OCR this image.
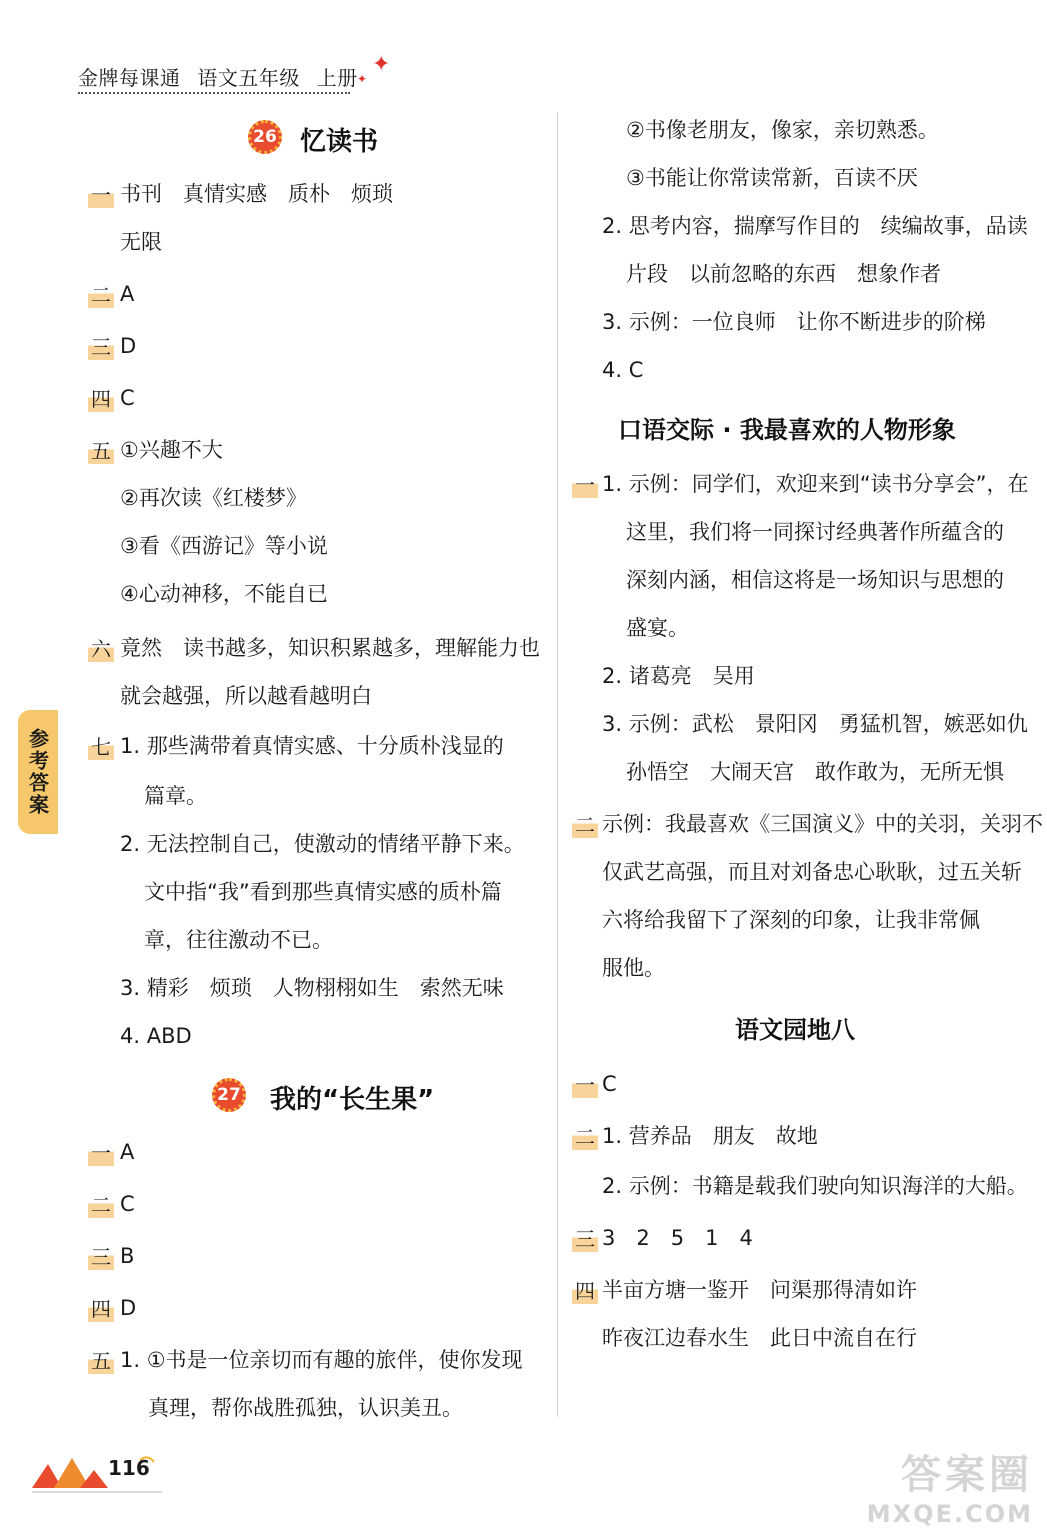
金牌每课通 语文五年级 上册
✦
✦
26 忆读书
一 书刊　真情实感　质朴　烦琐
无限
二 A
三 D
四 C
五 ①兴趣不大
②再次读《红楼梦》
③看《西游记》等小说
④心动神移，不能自已
六 竟然　读书越多，知识积累越多，理解能力也
就会越强，所以越看越明白
七 1. 那些满带着真情实感、十分质朴浅显的
篇章。
2. 无法控制自己，使激动的情绪平静下来。
文中指“我”看到那些真情实感的质朴篇
章，往往激动不已。
3. 精彩　烦琐　人物栩栩如生　索然无味
4. ABD
27 我的“长生果”
一 A
二 C
三 B
四 D
五 1. ①书是一位亲切而有趣的旅伴，使你发现
真理，帮你战胜孤独，认识美丑。
②书像老朋友，像家，亲切熟悉。
③书能让你常读常新，百读不厌
2. 思考内容，揣摩写作目的　续编故事，品读
片段　以前忽略的东西　想象作者
3. 示例：一位良师　让你不断进步的阶梯
4. C
口语交际 · 我最喜欢的人物形象
一 1. 示例：同学们，欢迎来到“读书分享会”，在
这里，我们将一同探讨经典著作所蕴含的
深刻内涵，相信这将是一场知识与思想的
盛宴。
2. 诸葛亮　吴用
3. 示例：武松　景阳冈　勇猛机智，嫉恶如仇
孙悟空　大闹天宫　敢作敢为，无所无惧
二 示例：我最喜欢《三国演义》中的关羽，关羽不
仅武艺高强，而且对刘备忠心耿耿，过五关斩
六将给我留下了深刻的印象，让我非常佩
服他。
语文园地八
一 C
二 1. 营养品　朋友　故地
2. 示例：书籍是载我们驶向知识海洋的大船。
三 3　2　5　1　4
四 半亩方塘一鉴开　问渠那得清如许
昨夜江边春水生　此日中流自在行
参考答案
116	答案圈
MXQE.COM
